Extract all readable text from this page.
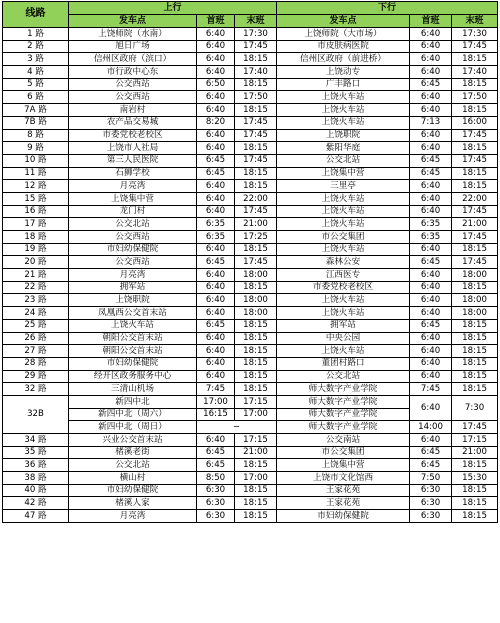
线路	上行			下行		
	发车点	首班	末班	发车点	首班	末班
1 路	上饶师院（水南）	6:40	17:30	上饶师院（大市场）	6:40	17:30
2 路	旭日广场	6:40	17:45	市皮肤病医院	6:40	17:45
3 路	信州区政府（滨口）	6:40	18:15	信州区政府（前进桥）	6:40	18:15
4 路	市行政中心东	6:40	17:40	上饶动专	6:40	17:40
5 路	公交西站	6:50	18:15	广丰路口	6:45	18:15
6 路	公交西站	6:40	17:50	上饶火车站	6:40	17:50
7A 路	南岩村	6:40	18:15	上饶火车站	6:40	18:15
7B 路	农产品交易城	8:20	17:45	上饶火车站	7:13	16:00
8 路	市委党校老校区	6:40	17:45	上饶职院	6:40	17:45
9 路	上饶市人社局	6:40	18:15	紫阳华庭	6:40	18:15
10 路	第三人民医院	6:45	17:45	公交北站	6:45	17:45
11 路	石狮学校	6:45	18:15	上饶集中营	6:45	18:15
12 路	月亮湾	6:40	18:15	三里亭	6:40	18:15
15 路	上饶集中营	6:40	22:00	上饶火车站	6:40	22:00
16 路	龙门村	6:40	17:45	上饶火车站	6:40	17:45
17 路	公交北站	6:35	21:00	上饶火车站	6:35	21:00
18 路	公交西站	6:35	17:25	市公交集团	6:35	17:45
19 路	市妇幼保健院	6:40	18:15	上饶火车站	6:40	18:15
20 路	公交西站	6:45	17:45	森林公安	6:45	17:45
21 路	月亮湾	6:40	18:00	江西医专	6:40	18:00
22 路	拥军站	6:40	18:15	市委党校老校区	6:40	18:15
23 路	上饶职院	6:40	18:00	上饶火车站	6:40	18:00
24 路	凤凰西公交首末站	6:40	18:00	上饶火车站	6:40	18:00
25 路	上饶火车站	6:45	18:15	拥军站	6:45	18:15
26 路	朝阳公交首末站	6:40	18:15	中央公园	6:40	18:15
27 路	朝阳公交首末站	6:40	18:15	上饶火车站	6:40	18:15
28 路	市妇幼保健院	6:40	18:15	董团村路口	6:40	18:15
29 路	经开区政务服务中心	6:40	18:15	公交北站	6:40	18:15
32 路	三清山机场	7:45	18:15	师大数字产业学院	7:45	18:15
32B	新四中北	17:00	17:15	师大数字产业学院	6:40	7:30
	新四中北（周六）	16:15	17:00	师大数字产业学院		
	新四中北（周日）	−		师大数字产业学院	14:00	17:45
34 路	兴业公交首末站	6:40	17:15	公交南站	6:40	17:15
35 路	楮溪老街	6:45	21:00	市公交集团	6:45	21:00
36 路	公交北站	6:45	18:15	上饶集中营	6:45	18:15
38 路	横山村	8:50	17:00	上饶市文化馆西	7:50	15:30
40 路	市妇幼保健院	6:30	18:15	王家花苑	6:30	18:15
42 路	楮溪人家	6:30	18:15	王家花苑	6:30	18:15
47 路	月亮湾	6:30	18:15	市妇幼保健院	6:30	18:15
